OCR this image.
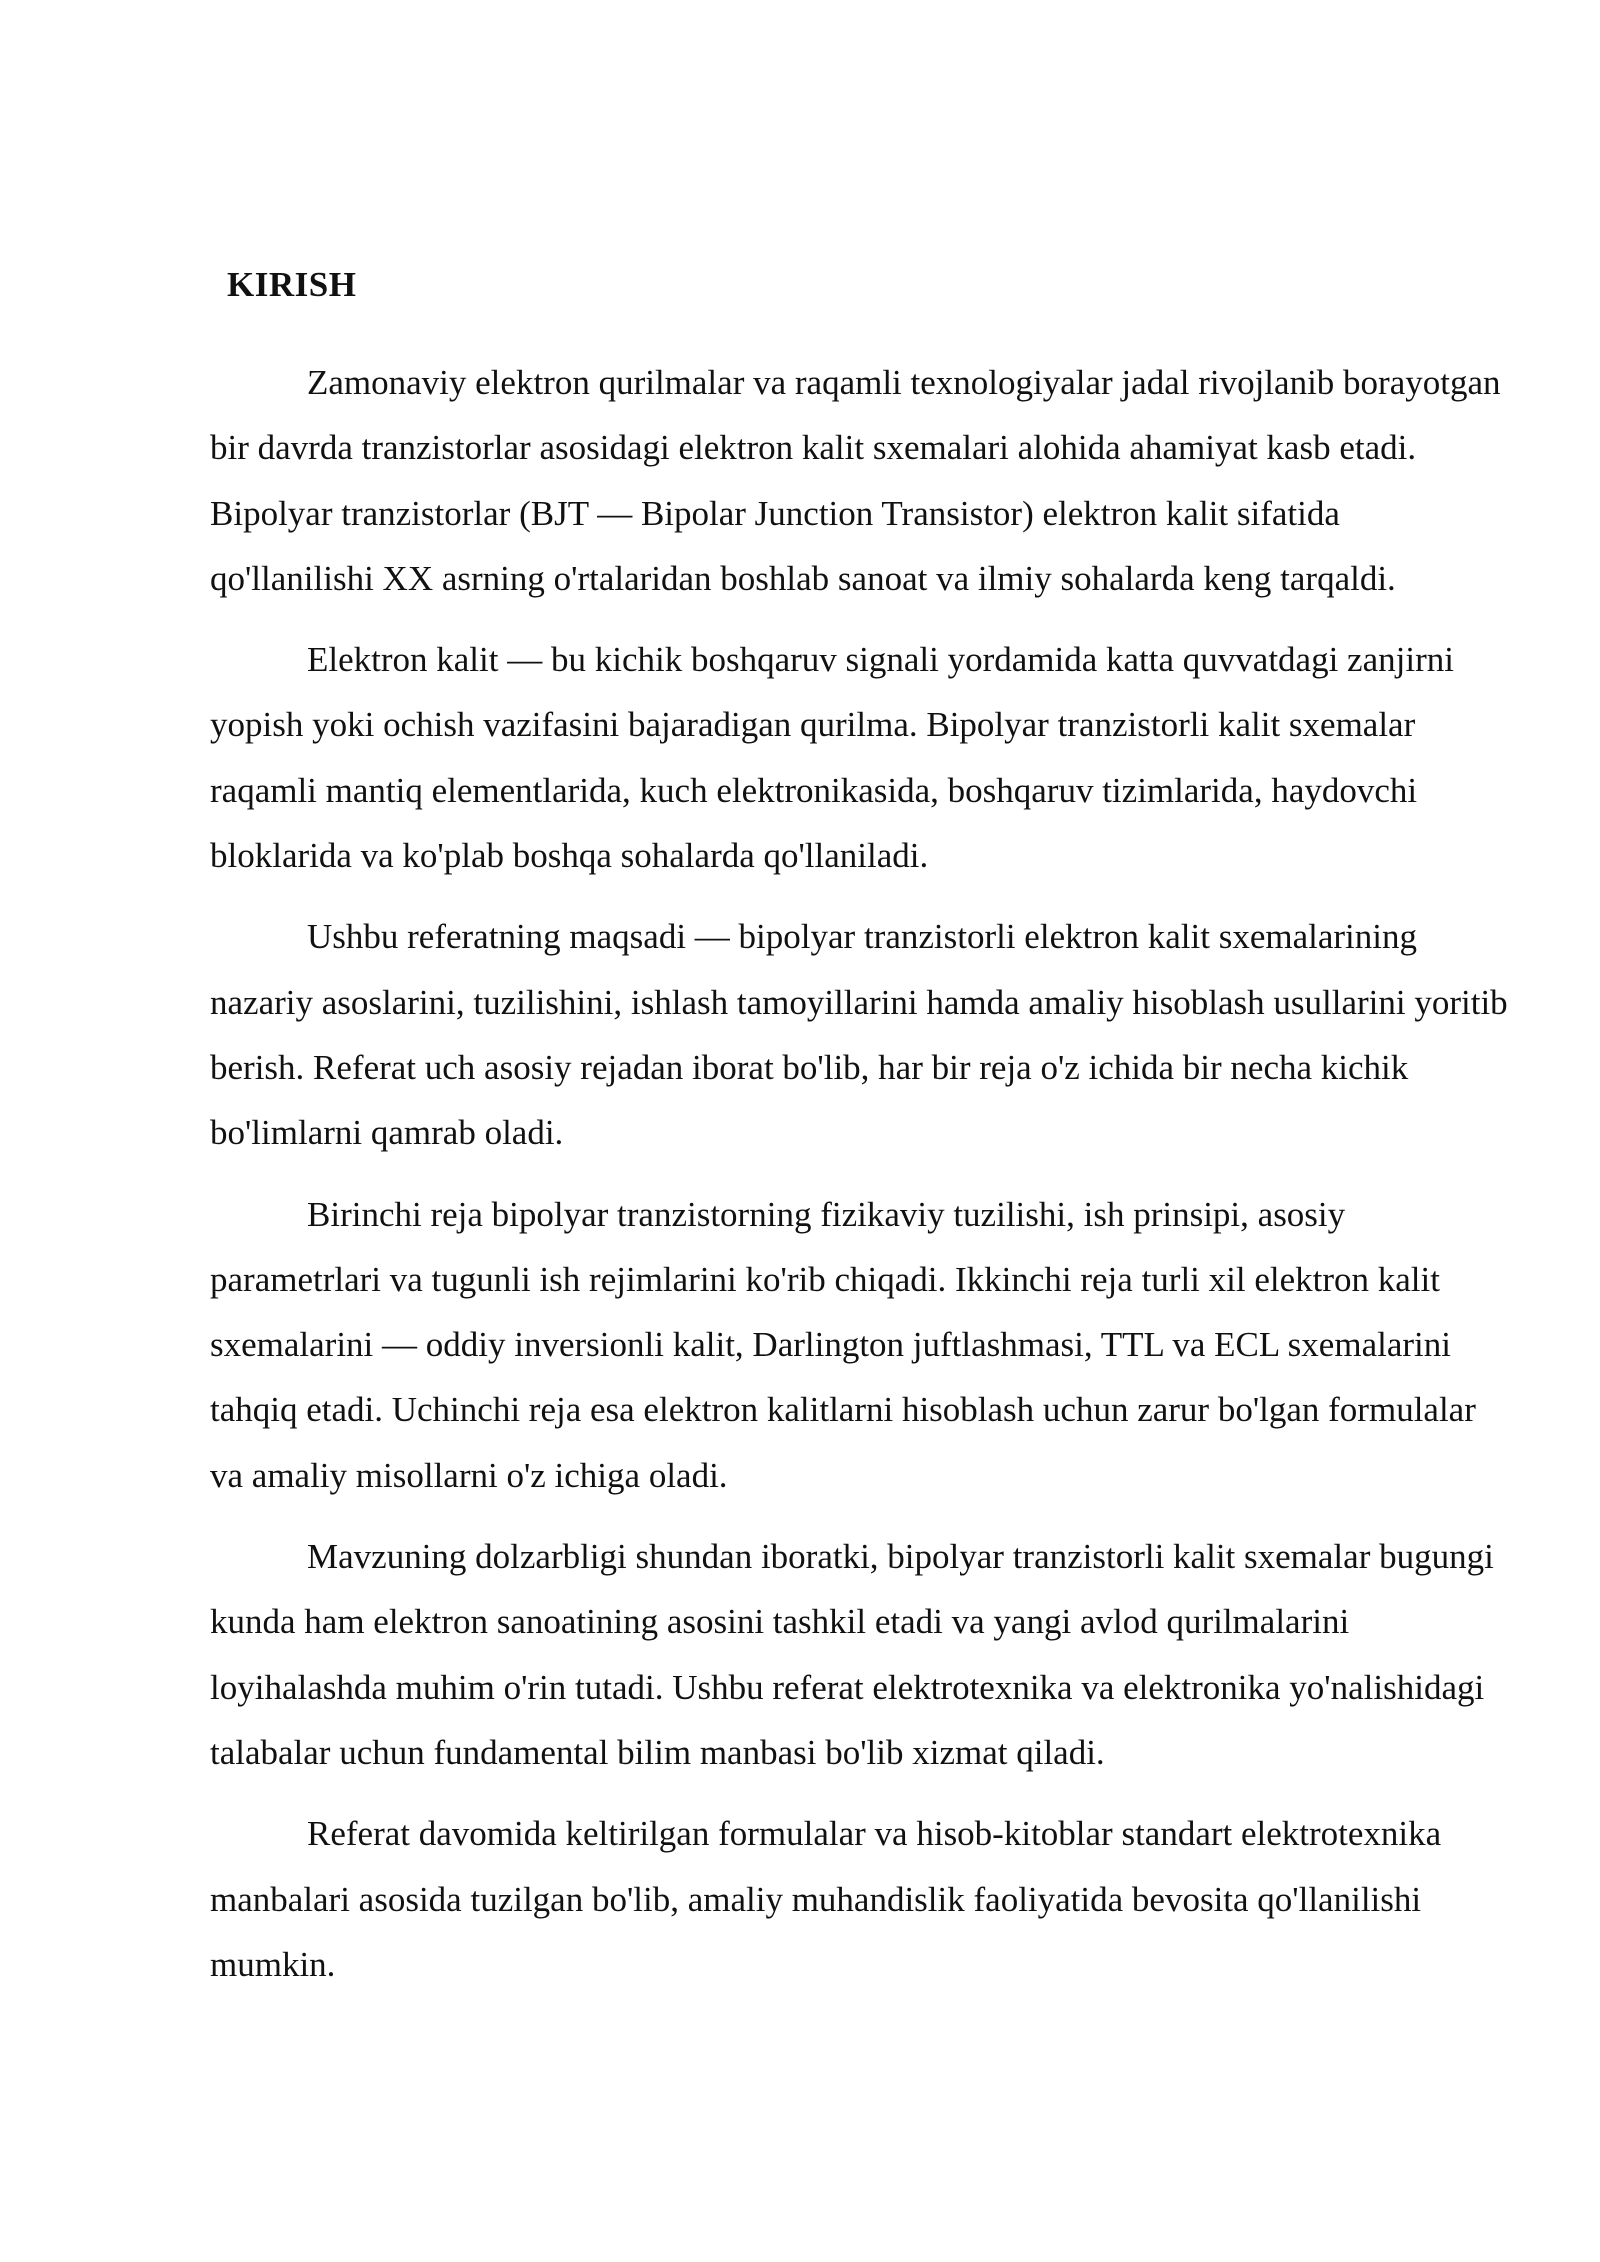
KIRISH

Zamonaviy elektron qurilmalar va raqamli texnologiyalar jadal rivojlanib borayotgan bir davrda tranzistorlar asosidagi elektron kalit sxemalari alohida ahamiyat kasb etadi. Bipolyar tranzistorlar (BJT — Bipolar Junction Transistor) elektron kalit sifatida qo'llanilishi XX asrning o'rtalaridan boshlab sanoat va ilmiy sohalarda keng tarqaldi.

Elektron kalit — bu kichik boshqaruv signali yordamida katta quvvatdagi zanjirni yopish yoki ochish vazifasini bajaradigan qurilma. Bipolyar tranzistorli kalit sxemalar raqamli mantiq elementlarida, kuch elektronikasida, boshqaruv tizimlarida, haydovchi bloklarida va ko'plab boshqa sohalarda qo'llaniladi.

Ushbu referatning maqsadi — bipolyar tranzistorli elektron kalit sxemalarining nazariy asoslarini, tuzilishini, ishlash tamoyillarini hamda amaliy hisoblash usullarini yoritib berish. Referat uch asosiy rejadan iborat bo'lib, har bir reja o'z ichida bir necha kichik bo'limlarni qamrab oladi.

Birinchi reja bipolyar tranzistorning fizikaviy tuzilishi, ish prinsipi, asosiy parametrlari va tugunli ish rejimlarini ko'rib chiqadi. Ikkinchi reja turli xil elektron kalit sxemalarini — oddiy inversionli kalit, Darlington juftlashmasi, TTL va ECL sxemalarini tahqiq etadi. Uchinchi reja esa elektron kalitlarni hisoblash uchun zarur bo'lgan formulalar va amaliy misollarni o'z ichiga oladi.

Mavzuning dolzarbligi shundan iboratki, bipolyar tranzistorli kalit sxemalar bugungi kunda ham elektron sanoatining asosini tashkil etadi va yangi avlod qurilmalarini loyihalashda muhim o'rin tutadi. Ushbu referat elektrotexnika va elektronika yo'nalishidagi talabalar uchun fundamental bilim manbasi bo'lib xizmat qiladi.

Referat davomida keltirilgan formulalar va hisob-kitoblar standart elektrotexnika manbalari asosida tuzilgan bo'lib, amaliy muhandislik faoliyatida bevosita qo'llanilishi mumkin.
